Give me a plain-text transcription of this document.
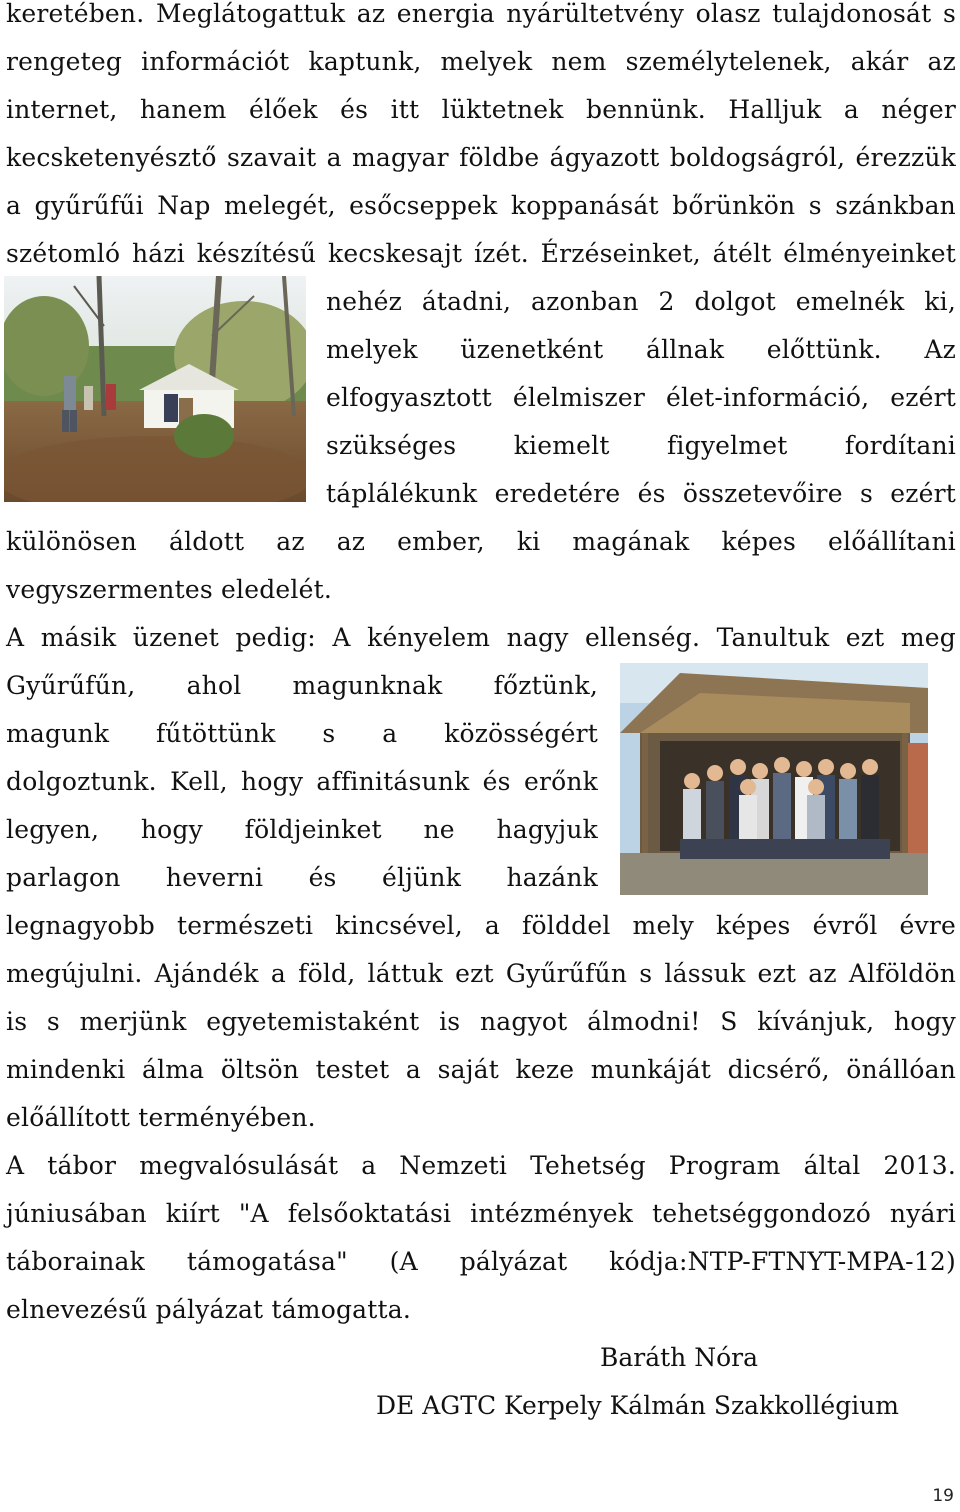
keretében. Meglátogattuk az energia nyárültetvény olasz tulajdonosát s
rengeteg információt kaptunk, melyek nem személytelenek, akár az
internet, hanem élőek és itt lüktetnek bennünk. Halljuk a néger
kecsketenyésztő szavait a magyar földbe ágyazott boldogságról, érezzük
a gyűrűfűi Nap melegét, esőcseppek koppanását bőrünkön s szánkban
szétomló házi készítésű kecskesajt ízét. Érzéseinket, átélt élményeinket
nehéz átadni, azonban 2 dolgot emelnék ki,
melyek üzenetként állnak előttünk. Az
elfogyasztott élelmiszer élet-információ, ezért
szükséges kiemelt figyelmet fordítani
táplálékunk eredetére és összetevőire s ezért
különösen áldott az az ember, ki magának képes előállítani
vegyszermentes eledelét.
A másik üzenet pedig: A kényelem nagy ellenség. Tanultuk ezt meg
Gyűrűfűn, ahol magunknak főztünk,
magunk fűtöttünk s a közösségért
dolgoztunk. Kell, hogy affinitásunk és erőnk
legyen, hogy földjeinket ne hagyjuk
parlagon heverni és éljünk hazánk
legnagyobb természeti kincsével, a földdel mely képes évről évre
megújulni. Ajándék a föld, láttuk ezt Gyűrűfűn s lássuk ezt az Alföldön
is s merjünk egyetemistaként is nagyot álmodni! S kívánjuk, hogy
mindenki álma öltsön testet a saját keze munkáját dicsérő, önállóan
előállított terményében.
A tábor megvalósulását a Nemzeti Tehetség Program által 2013.
júniusában kiírt "A felsőoktatási intézmények tehetséggondozó nyári
táborainak támogatása" (A pályázat kódja:NTP-FTNYT-MPA-12)
elnevezésű pályázat támogatta.
Baráth Nóra
DE AGTC Kerpely Kálmán Szakkollégium
19
